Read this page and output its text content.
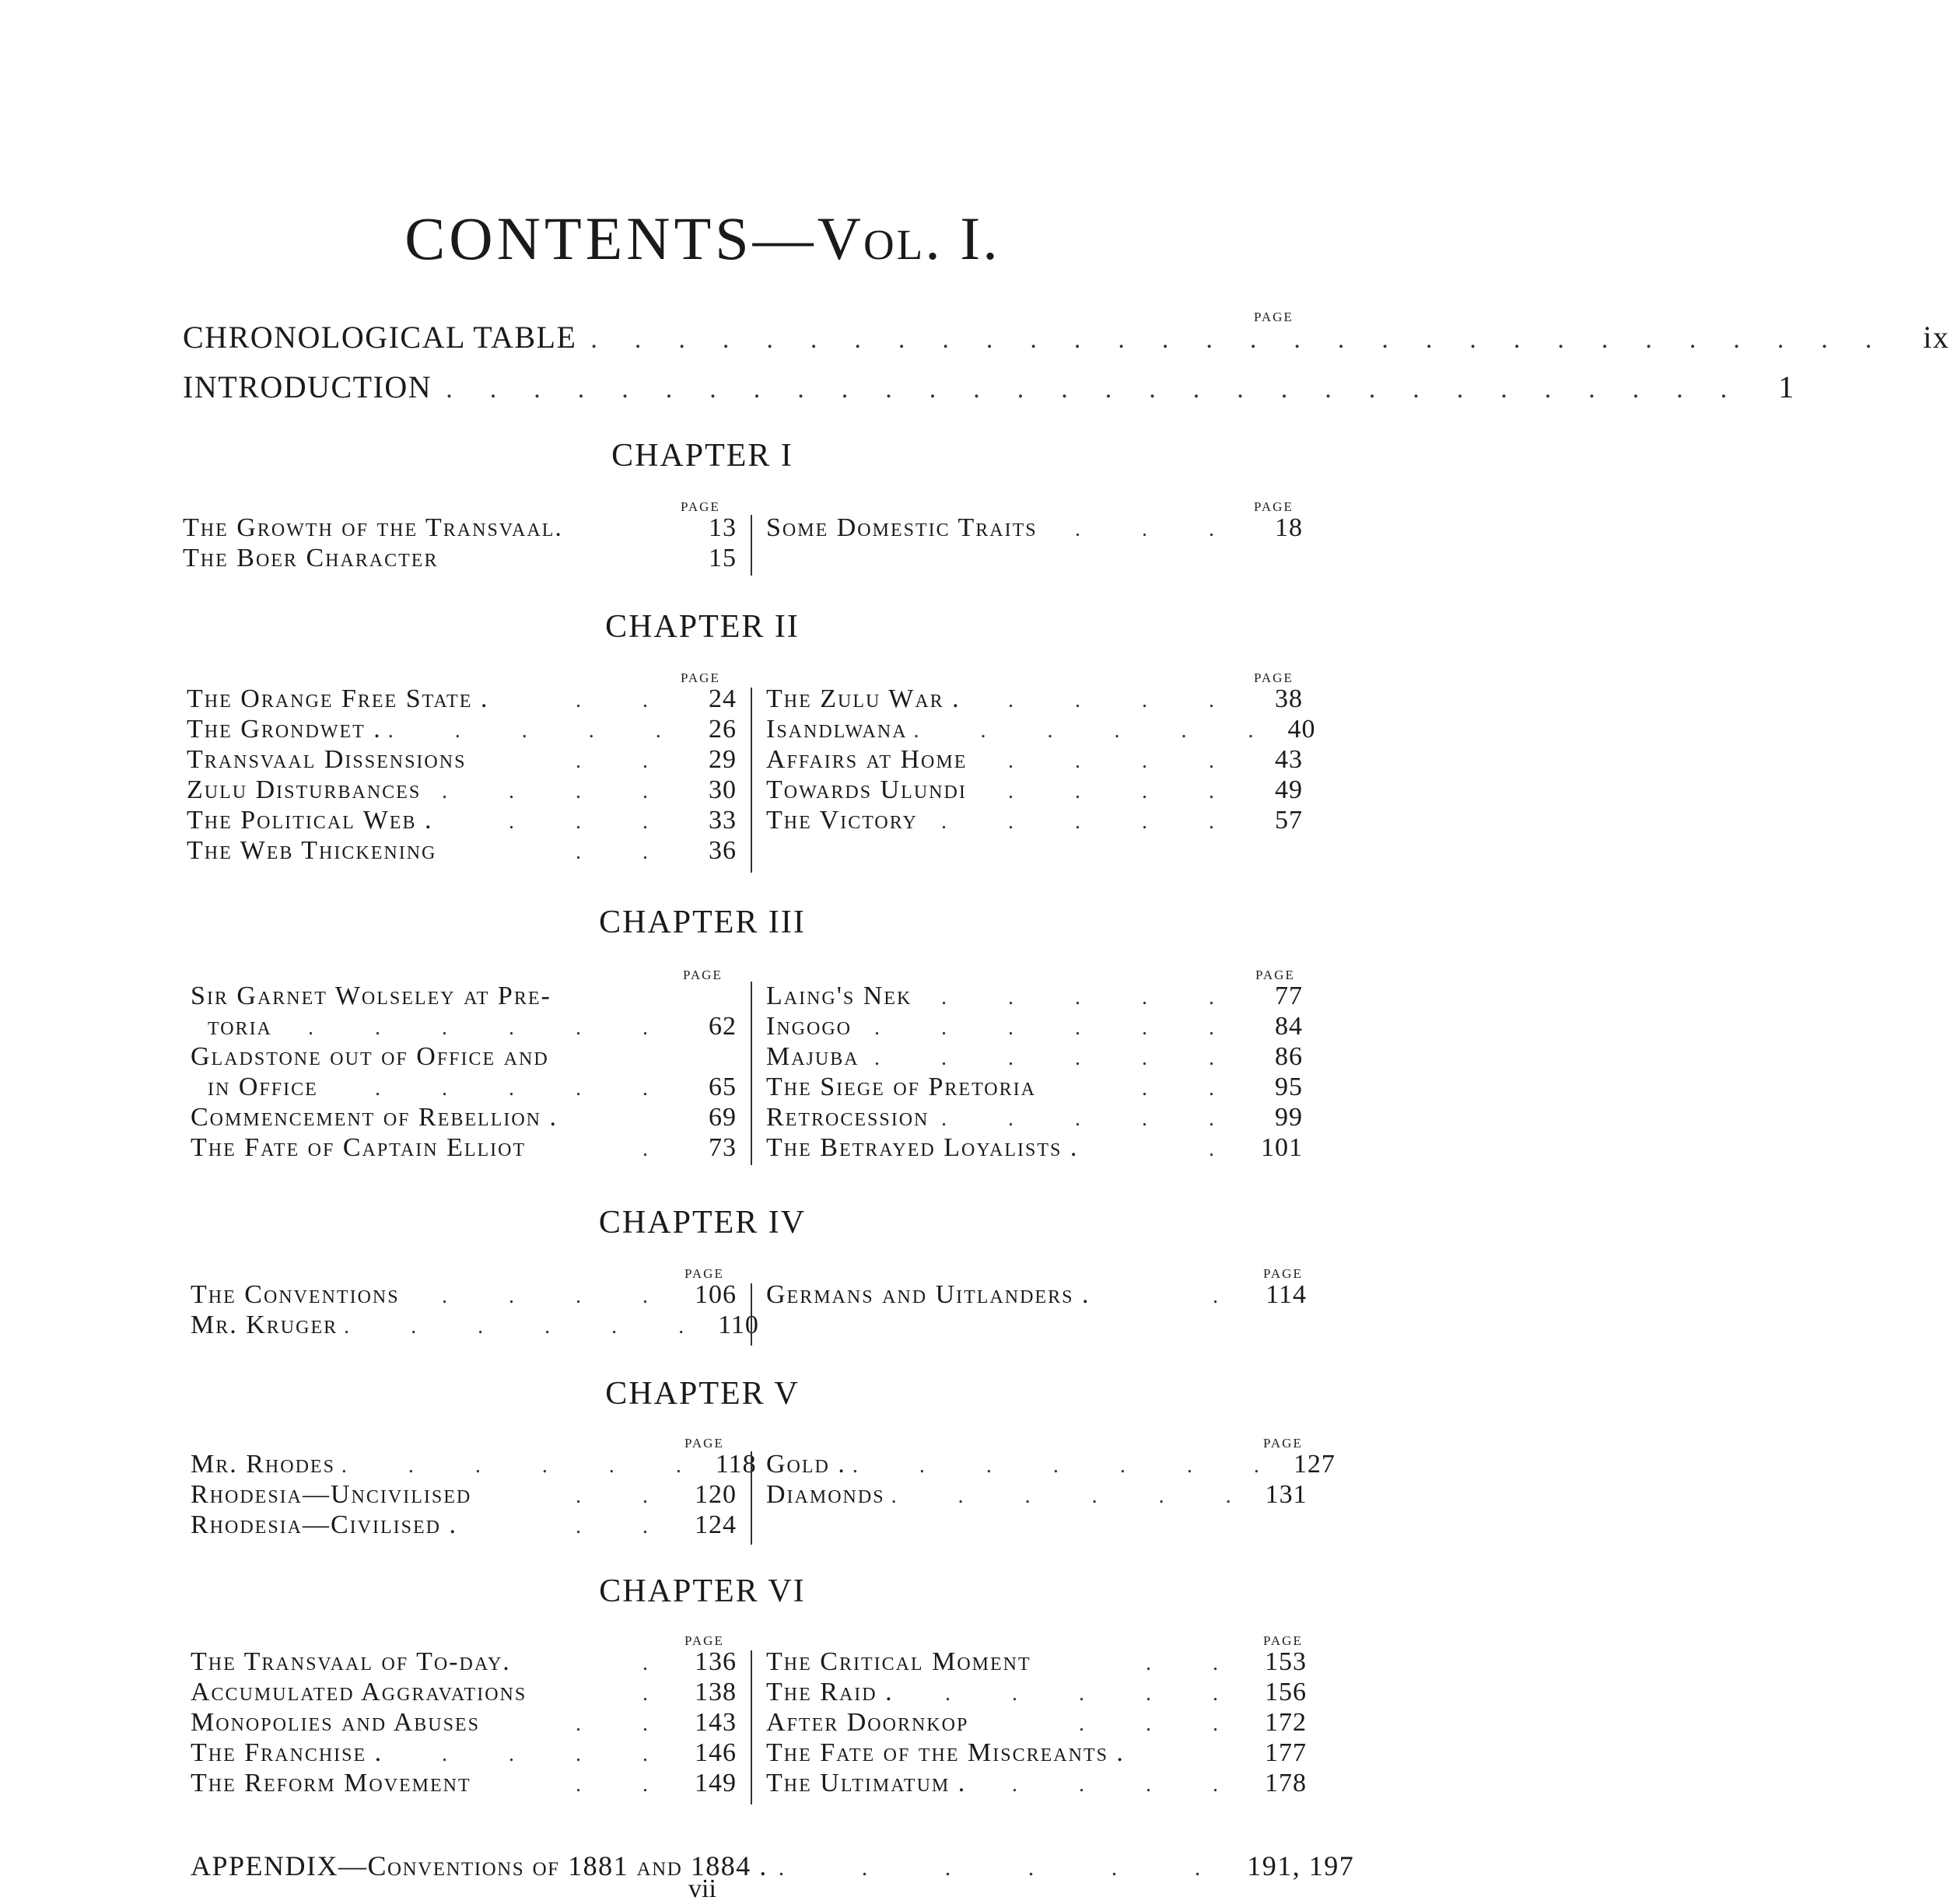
CONTENTS—Vol. I.
PAGE
CHRONOLOGICAL TABLE .............................. ix
INTRODUCTION .............................. 1
CHAPTER I
PAGE	PAGE
The Growth of the Transvaal.	13
The Boer Character	15
Some Domestic Traits	. . .	18
CHAPTER II
PAGE	PAGE
The Orange Free State .	. .	24
The Grondwet . . . . . . 26
Transvaal Dissensions	. .	29
Zulu Disturbances . . . .	30
The Political Web .	. . .	33
The Web Thickening	. .	36
The Zulu War .	. . . .	38
Isandlwana . . . . . . 40
Affairs at Home	. . . .	43
Towards Ulundi	. . . .	49
The Victory	. . . . .	57
CHAPTER III
PAGE	PAGE
Sir Garnet Wolseley at Pre-
toria	. . . . . .	62
Gladstone out of Office and
in Office	. . . . .	65
Commencement of Rebellion .	69
The Fate of Captain Elliot	.	73
Laing's Nek	. . . . .	77
Ingogo	. . . . . .	84
Majuba . . . . . .	86
The Siege of Pretoria	. .	95
Retrocession . . . . .	99
The Betrayed Loyalists .	. 101
CHAPTER IV
PAGE	PAGE
The Conventions	. . . . 106
Mr. Kruger . . . . . . 110
Germans and Uitlanders .	. 114
CHAPTER V
PAGE	PAGE
Mr. Rhodes . . . . . . 118
Rhodesia—Uncivilised	. . 120
Rhodesia—Civilised .	. . 124
Gold . . . . . . . . 127
Diamonds . . . . . . 131
CHAPTER VI
PAGE	PAGE
The Transvaal of To-day.	. 136
Accumulated Aggravations	. 138
Monopolies and Abuses	. . 143
The Franchise .	. . . . 146
The Reform Movement	. . 149
The Critical Moment	. . 153
The Raid .	. . . . . 156
After Doornkop	. . . 172
The Fate of the Miscreants .	177
The Ultimatum .	. . . . 178
APPENDIX—Conventions of 1881 and 1884 . . . . . . . 191, 197
vii
